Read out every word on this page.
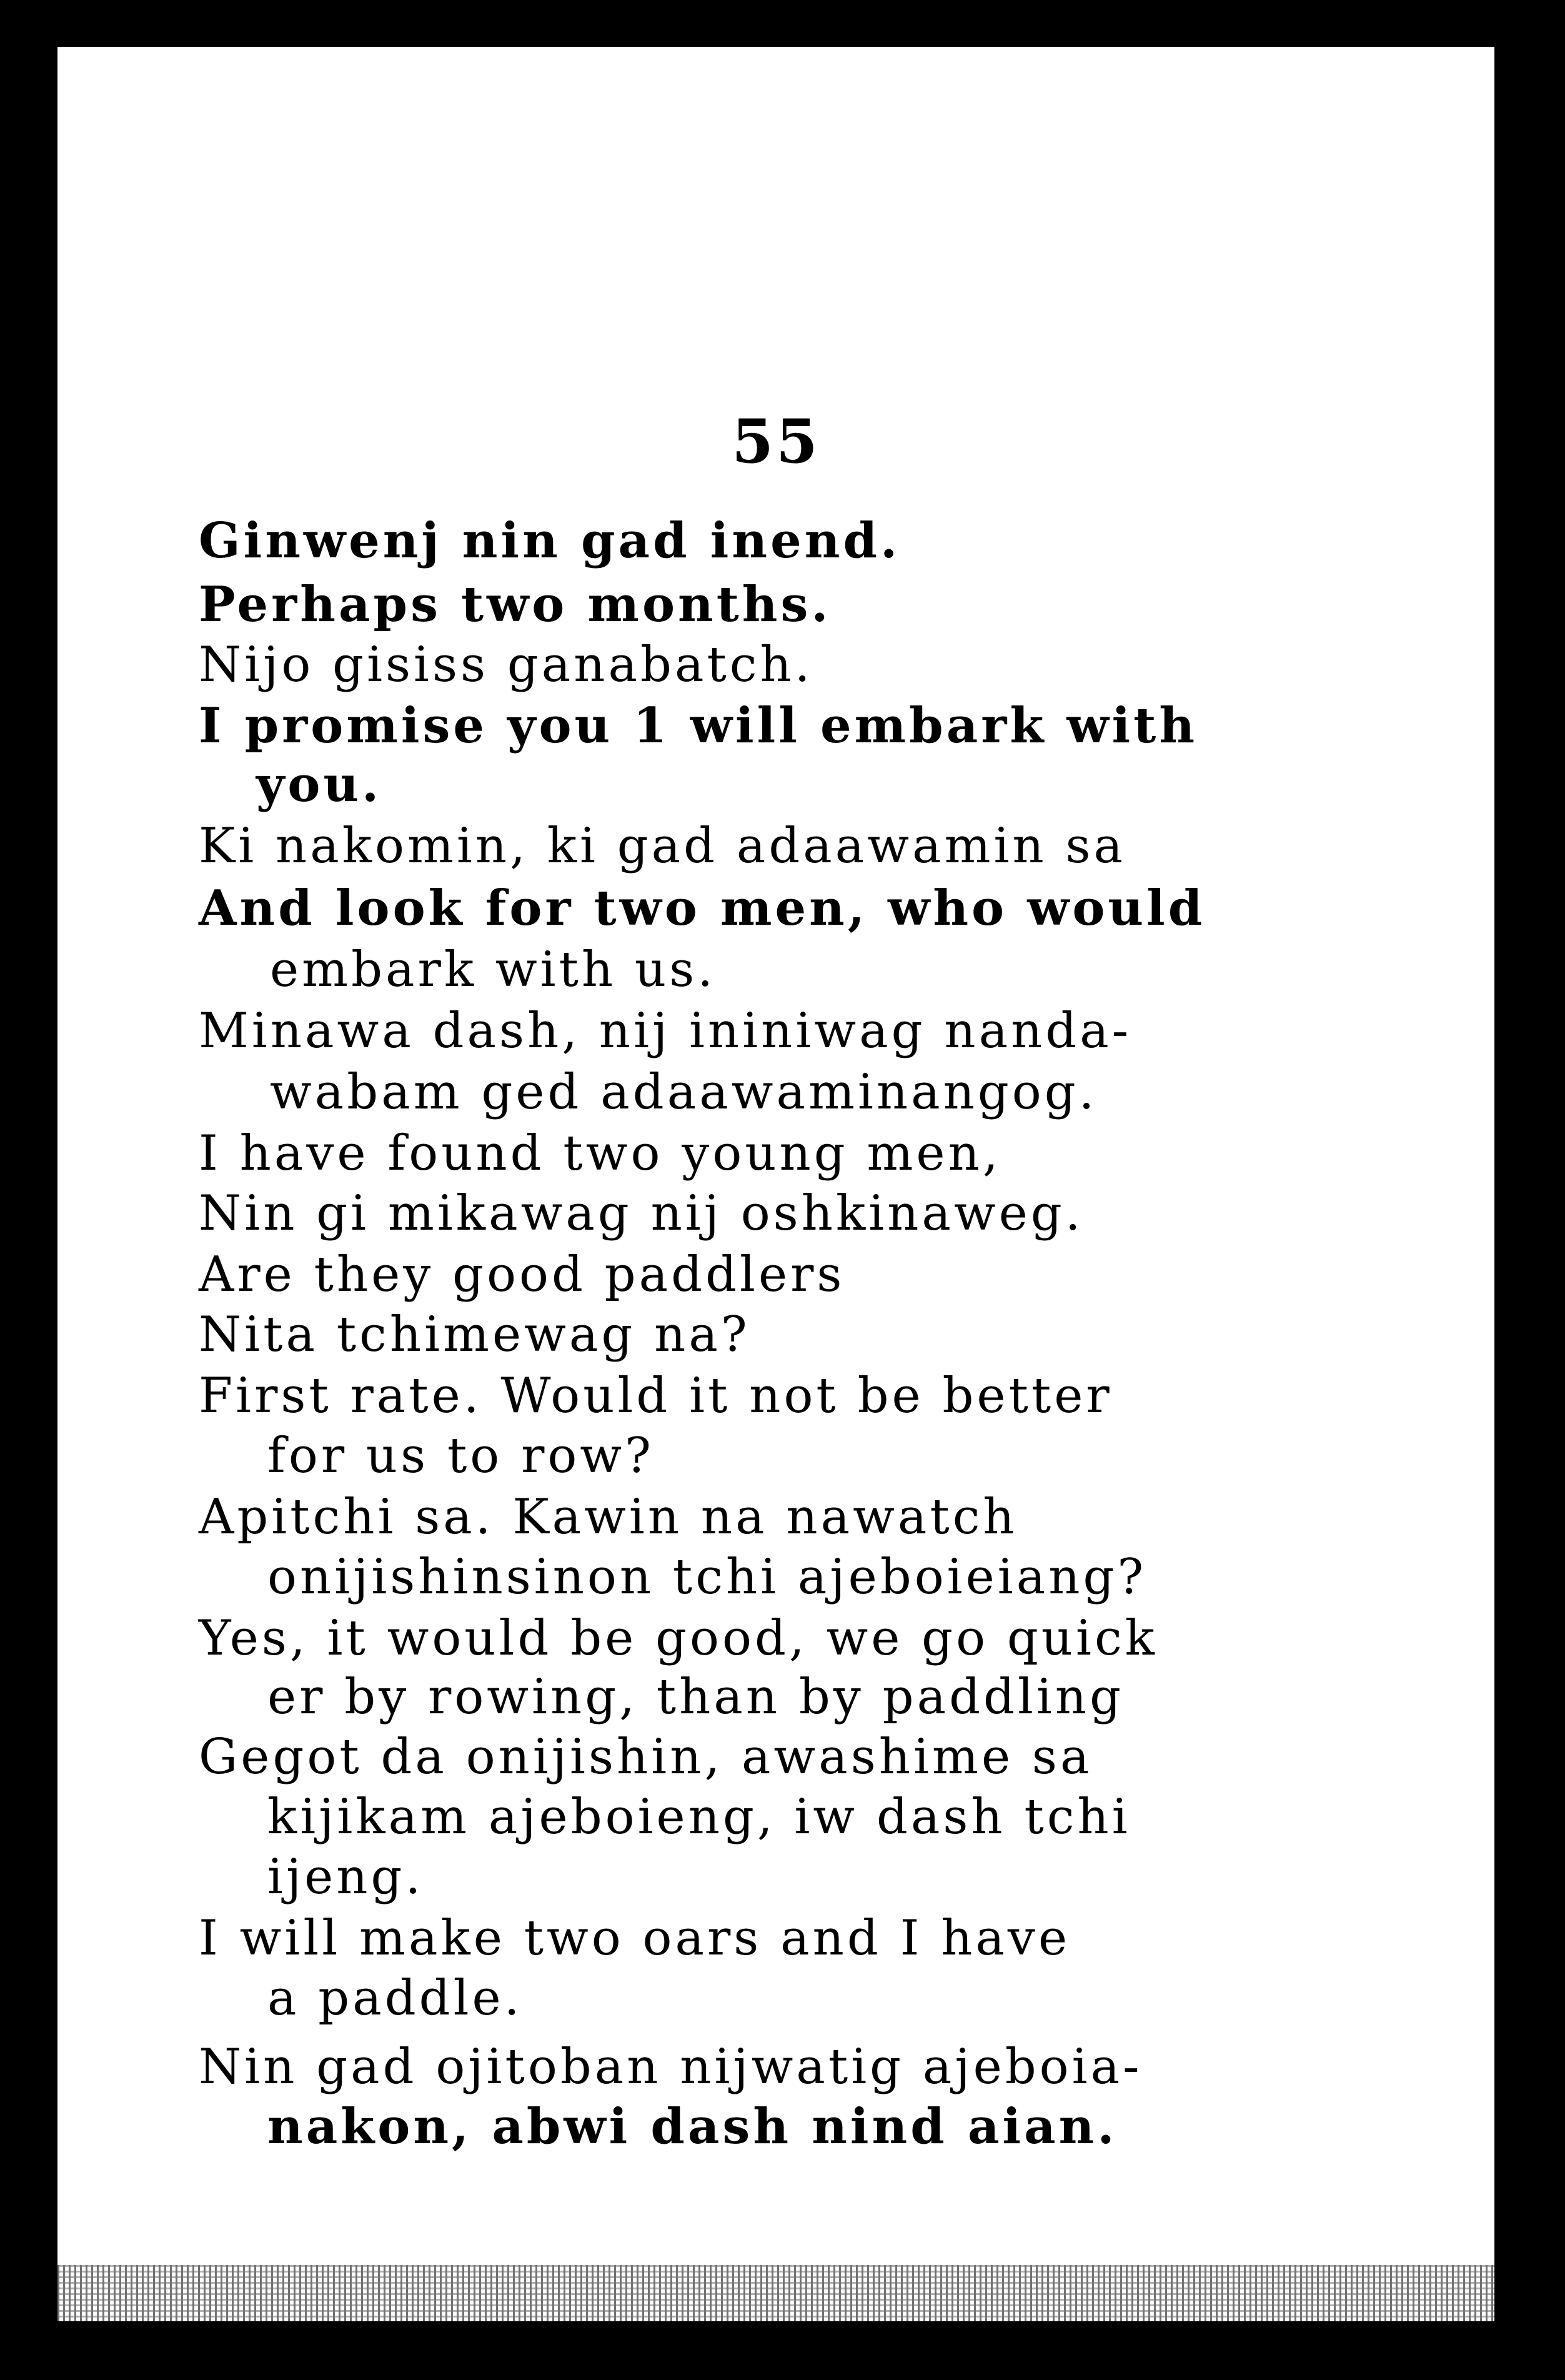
55
Ginwenj nin gad inend.
Perhaps two months.
Nijo gisiss ganabatch.
I promise you 1 will embark with
you.
Ki nakomin, ki gad adaawamin sa
And look for two men, who would
embark with us.
Minawa dash, nij ininiwag nanda-
wabam ged adaawaminangog.
I have found two young men,
Nin gi mikawag nij oshkinaweg.
Are they good paddlers
Nita tchimewag na?
First rate. Would it not be better
for us to row?
Apitchi sa. Kawin na nawatch
onijishinsinon tchi ajeboieiang?
Yes, it would be good, we go quick
er by rowing, than by paddling
Gegot da onijishin, awashime sa
kijikam ajeboieng, iw dash tchi
ijeng.
I will make two oars and I have
a paddle.
Nin gad ojitoban nijwatig ajeboia-
nakon, abwi dash nind aian.
